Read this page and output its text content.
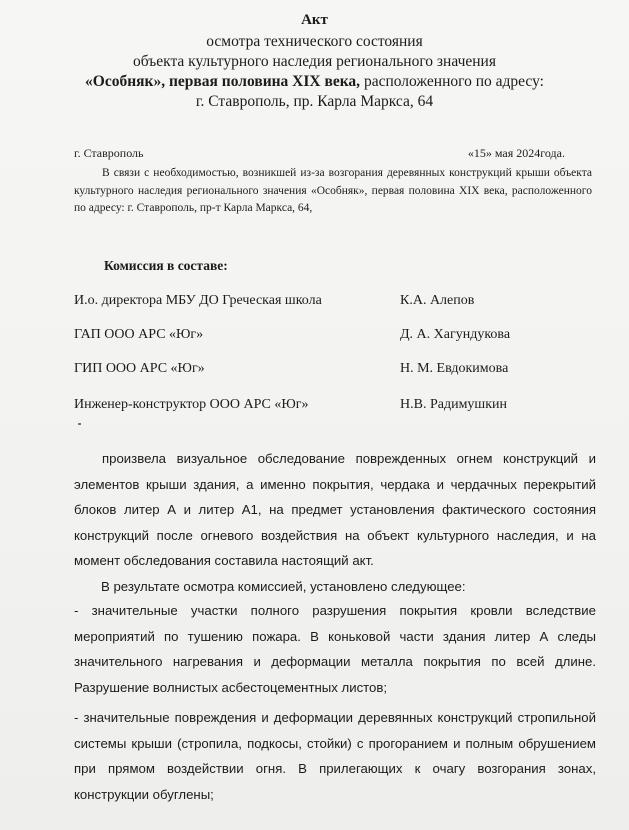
Акт
осмотра технического состояния
объекта культурного наследия регионального значения
«Особняк», первая половина XIX века, расположенного по адресу:
г. Ставрополь, пр. Карла Маркса, 64
г. Ставрополь	«15» мая 2024года.

В связи с необходимостью, возникшей из-за возгорания деревянных конструкций крыши объекта культурного наследия регионального значения «Особняк», первая половина XIX века, расположенного по адресу: г. Ставрополь, пр-т Карла Маркса, 64,

Комиссия в составе:
И.о. директора МБУ ДО Греческая школа	К.А. Алепов
ГАП ООО АРС «Юг»	Д. А. Хагундукова
ГИП ООО АРС «Юг»	Н. М. Евдокимова
Инженер-конструктор ООО АРС «Юг»	Н.В. Радимушкин

произвела визуальное обследование поврежденных огнем конструкций и элементов крыши здания, а именно покрытия, чердака и чердачных перекрытий блоков литер А и литер А1, на предмет установления фактического состояния конструкций после огневого воздействия на объект культурного наследия, и на момент обследования составила настоящий акт.

В результате осмотра комиссией, установлено следующее:

- значительные участки полного разрушения покрытия кровли вследствие мероприятий по тушению пожара. В коньковой части здания литер А следы значительного нагревания и деформации металла покрытия по всей длине. Разрушение волнистых асбестоцементных листов;

- значительные повреждения и деформации деревянных конструкций стропильной системы крыши (стропила, подкосы, стойки) с прогоранием и полным обрушением при прямом воздействии огня. В прилегающих к очагу возгорания зонах, конструкции обуглены;
